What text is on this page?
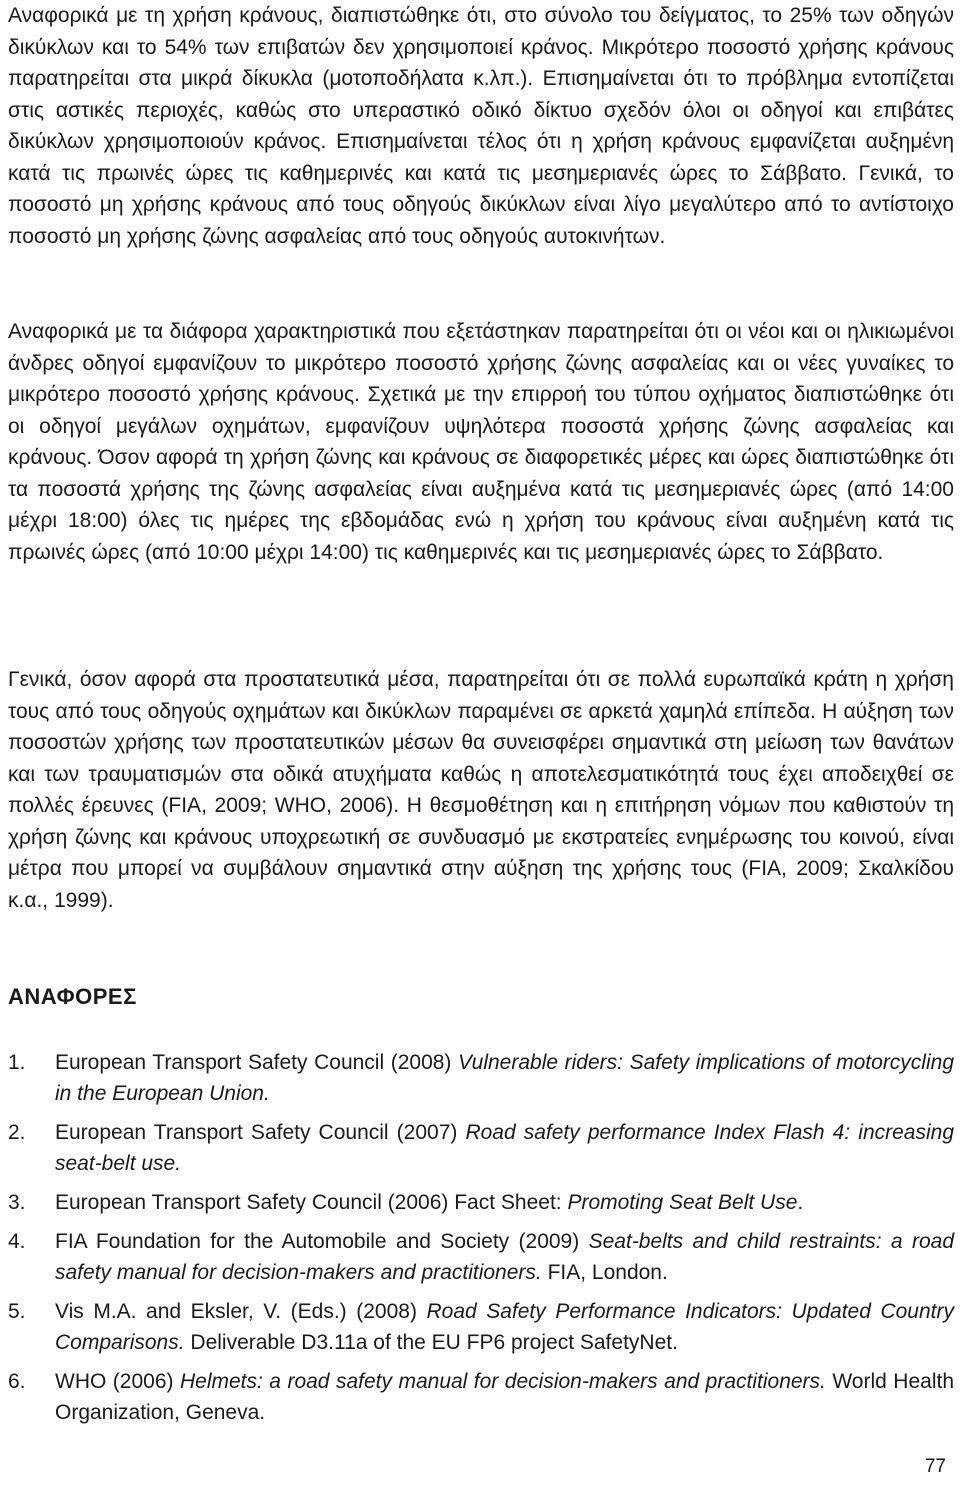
Αναφορικά με τη χρήση κράνους, διαπιστώθηκε ότι, στο σύνολο του δείγματος, το 25% των οδηγών δικύκλων και το 54% των επιβατών δεν χρησιμοποιεί κράνος. Μικρότερο ποσοστό χρήσης κράνους παρατηρείται στα μικρά δίκυκλα (μοτοποδήλατα κ.λπ.). Επισημαίνεται ότι το πρόβλημα εντοπίζεται στις αστικές περιοχές, καθώς στο υπεραστικό οδικό δίκτυο σχεδόν όλοι οι οδηγοί και επιβάτες δικύκλων χρησιμοποιούν κράνος. Επισημαίνεται τέλος ότι η χρήση κράνους εμφανίζεται αυξημένη κατά τις πρωινές ώρες τις καθημερινές και κατά τις μεσημεριανές ώρες το Σάββατο. Γενικά, το ποσοστό μη χρήσης κράνους από τους οδηγούς δικύκλων είναι λίγο μεγαλύτερο από το αντίστοιχο ποσοστό μη χρήσης ζώνης ασφαλείας από τους οδηγούς αυτοκινήτων.

Αναφορικά με τα διάφορα χαρακτηριστικά που εξετάστηκαν παρατηρείται ότι οι νέοι και οι ηλικιωμένοι άνδρες οδηγοί εμφανίζουν το μικρότερο ποσοστό χρήσης ζώνης ασφαλείας και οι νέες γυναίκες το μικρότερο ποσοστό χρήσης κράνους. Σχετικά με την επιρροή του τύπου οχήματος διαπιστώθηκε ότι οι οδηγοί μεγάλων οχημάτων, εμφανίζουν υψηλότερα ποσοστά χρήσης ζώνης ασφαλείας και κράνους. Όσον αφορά τη χρήση ζώνης και κράνους σε διαφορετικές μέρες και ώρες διαπιστώθηκε ότι τα ποσοστά χρήσης της ζώνης ασφαλείας είναι αυξημένα κατά τις μεσημεριανές ώρες (από 14:00 μέχρι 18:00) όλες τις ημέρες της εβδομάδας ενώ η χρήση του κράνους είναι αυξημένη κατά τις πρωινές ώρες (από 10:00 μέχρι 14:00) τις καθημερινές και τις μεσημεριανές ώρες το Σάββατο.

Γενικά, όσον αφορά στα προστατευτικά μέσα, παρατηρείται ότι σε πολλά ευρωπαϊκά κράτη η χρήση τους από τους οδηγούς οχημάτων και δικύκλων παραμένει σε αρκετά χαμηλά επίπεδα. Η αύξηση των ποσοστών χρήσης των προστατευτικών μέσων θα συνεισφέρει σημαντικά στη μείωση των θανάτων και των τραυματισμών στα οδικά ατυχήματα καθώς η αποτελεσματικότητά τους έχει αποδειχθεί σε πολλές έρευνες (FIA, 2009; WHO, 2006). Η θεσμοθέτηση και η επιτήρηση νόμων που καθιστούν τη χρήση ζώνης και κράνους υποχρεωτική σε συνδυασμό με εκστρατείες ενημέρωσης του κοινού, είναι μέτρα που μπορεί να συμβάλουν σημαντικά στην αύξηση της χρήσης τους (FIA, 2009; Σκαλκίδου κ.α., 1999).

ΑΝΑΦΟΡΕΣ
1.	European Transport Safety Council (2008) Vulnerable riders: Safety implications of motorcycling in the European Union.
2.	European Transport Safety Council (2007) Road safety performance Index Flash 4: increasing seat-belt use.
3.	European Transport Safety Council (2006) Fact Sheet: Promoting Seat Belt Use.
4.	FIA Foundation for the Automobile and Society (2009) Seat-belts and child restraints: a road safety manual for decision-makers and practitioners. FIA, London.
5.	Vis M.A. and Eksler, V. (Eds.) (2008) Road Safety Performance Indicators: Updated Country Comparisons. Deliverable D3.11a of the EU FP6 project SafetyNet.
6.	WHO (2006) Helmets: a road safety manual for decision-makers and practitioners. World Health Organization, Geneva.
77
